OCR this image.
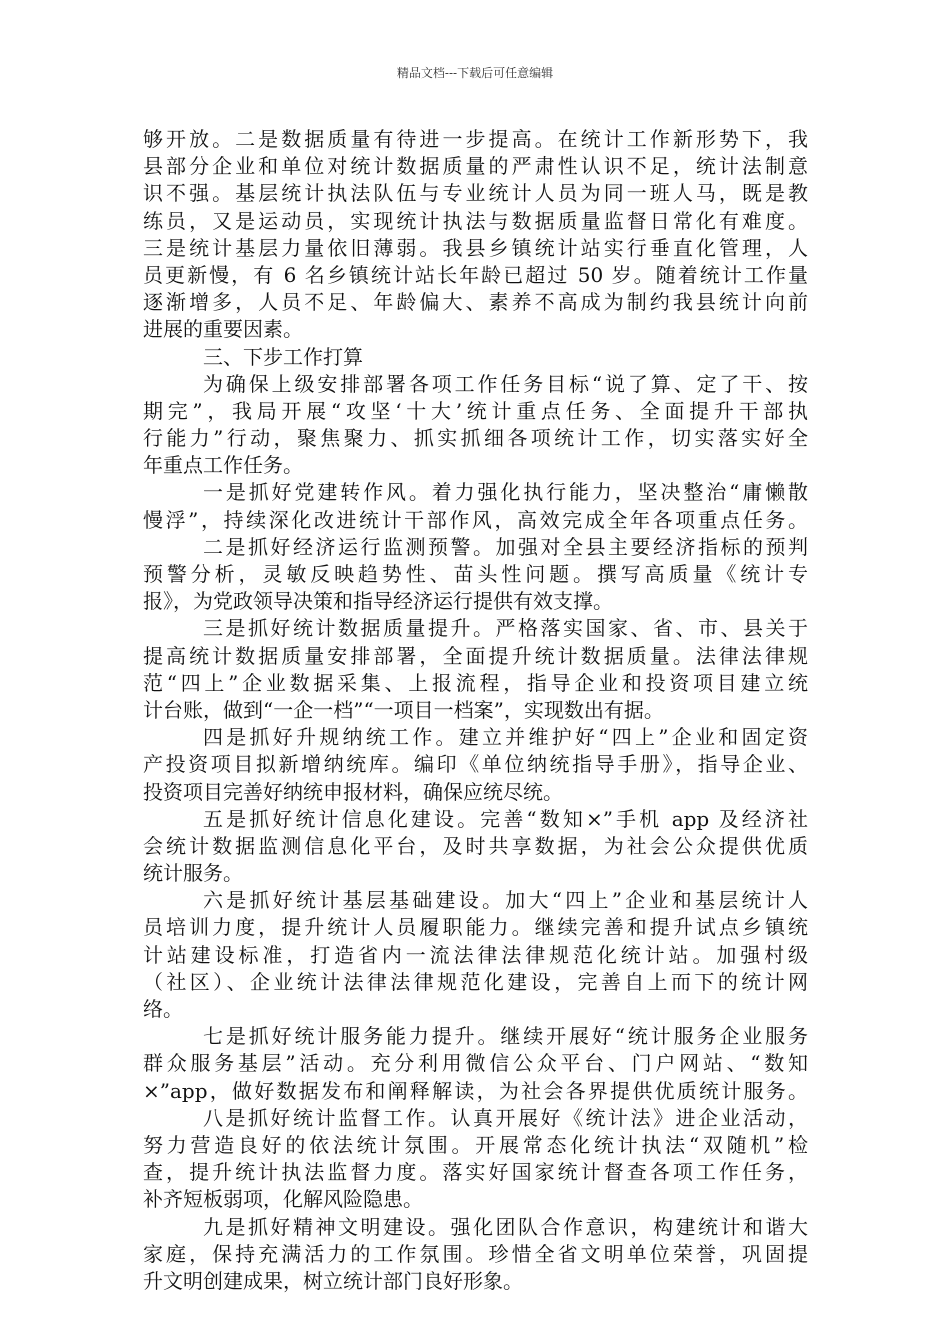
精品文档---下载后可任意编辑
够开放。二是数据质量有待进一步提高。在统计工作新形势下，我
县部分企业和单位对统计数据质量的严肃性认识不足，统计法制意
识不强。基层统计执法队伍与专业统计人员为同一班人马，既是教
练员，又是运动员，实现统计执法与数据质量监督日常化有难度。
三是统计基层力量依旧薄弱。我县乡镇统计站实行垂直化管理，人
员更新慢，有 6 名乡镇统计站长年龄已超过 50 岁。随着统计工作量
逐渐增多，人员不足、年龄偏大、素养不高成为制约我县统计向前
进展的重要因素。
三、下步工作打算
为确保上级安排部署各项工作任务目标“说了算、定了干、按
期完”，我局开展“攻坚‘十大’统计重点任务、全面提升干部执
行能力”行动，聚焦聚力、抓实抓细各项统计工作，切实落实好全
年重点工作任务。
一是抓好党建转作风。着力强化执行能力，坚决整治“庸懒散
慢浮”，持续深化改进统计干部作风，高效完成全年各项重点任务。
二是抓好经济运行监测预警。加强对全县主要经济指标的预判
预警分析，灵敏反映趋势性、苗头性问题。撰写高质量《统计专
报》，为党政领导决策和指导经济运行提供有效支撑。
三是抓好统计数据质量提升。严格落实国家、省、市、县关于
提高统计数据质量安排部署，全面提升统计数据质量。法律法律规
范“四上”企业数据采集、上报流程，指导企业和投资项目建立统
计台账，做到“一企一档”“一项目一档案”，实现数出有据。
四是抓好升规纳统工作。建立并维护好“四上”企业和固定资
产投资项目拟新增纳统库。编印《单位纳统指导手册》，指导企业、
投资项目完善好纳统申报材料，确保应统尽统。
五是抓好统计信息化建设。完善“数知×”手机 app 及经济社
会统计数据监测信息化平台，及时共享数据，为社会公众提供优质
统计服务。
六是抓好统计基层基础建设。加大“四上”企业和基层统计人
员培训力度，提升统计人员履职能力。继续完善和提升试点乡镇统
计站建设标准，打造省内一流法律法律规范化统计站。加强村级
（社区）、企业统计法律法律规范化建设，完善自上而下的统计网
络。
七是抓好统计服务能力提升。继续开展好“统计服务企业服务
群众服务基层”活动。充分利用微信公众平台、门户网站、“数知
×”app，做好数据发布和阐释解读，为社会各界提供优质统计服务。
八是抓好统计监督工作。认真开展好《统计法》进企业活动，
努力营造良好的依法统计氛围。开展常态化统计执法“双随机”检
查，提升统计执法监督力度。落实好国家统计督查各项工作任务，
补齐短板弱项，化解风险隐患。
九是抓好精神文明建设。强化团队合作意识，构建统计和谐大
家庭，保持充满活力的工作氛围。珍惜全省文明单位荣誉，巩固提
升文明创建成果，树立统计部门良好形象。
